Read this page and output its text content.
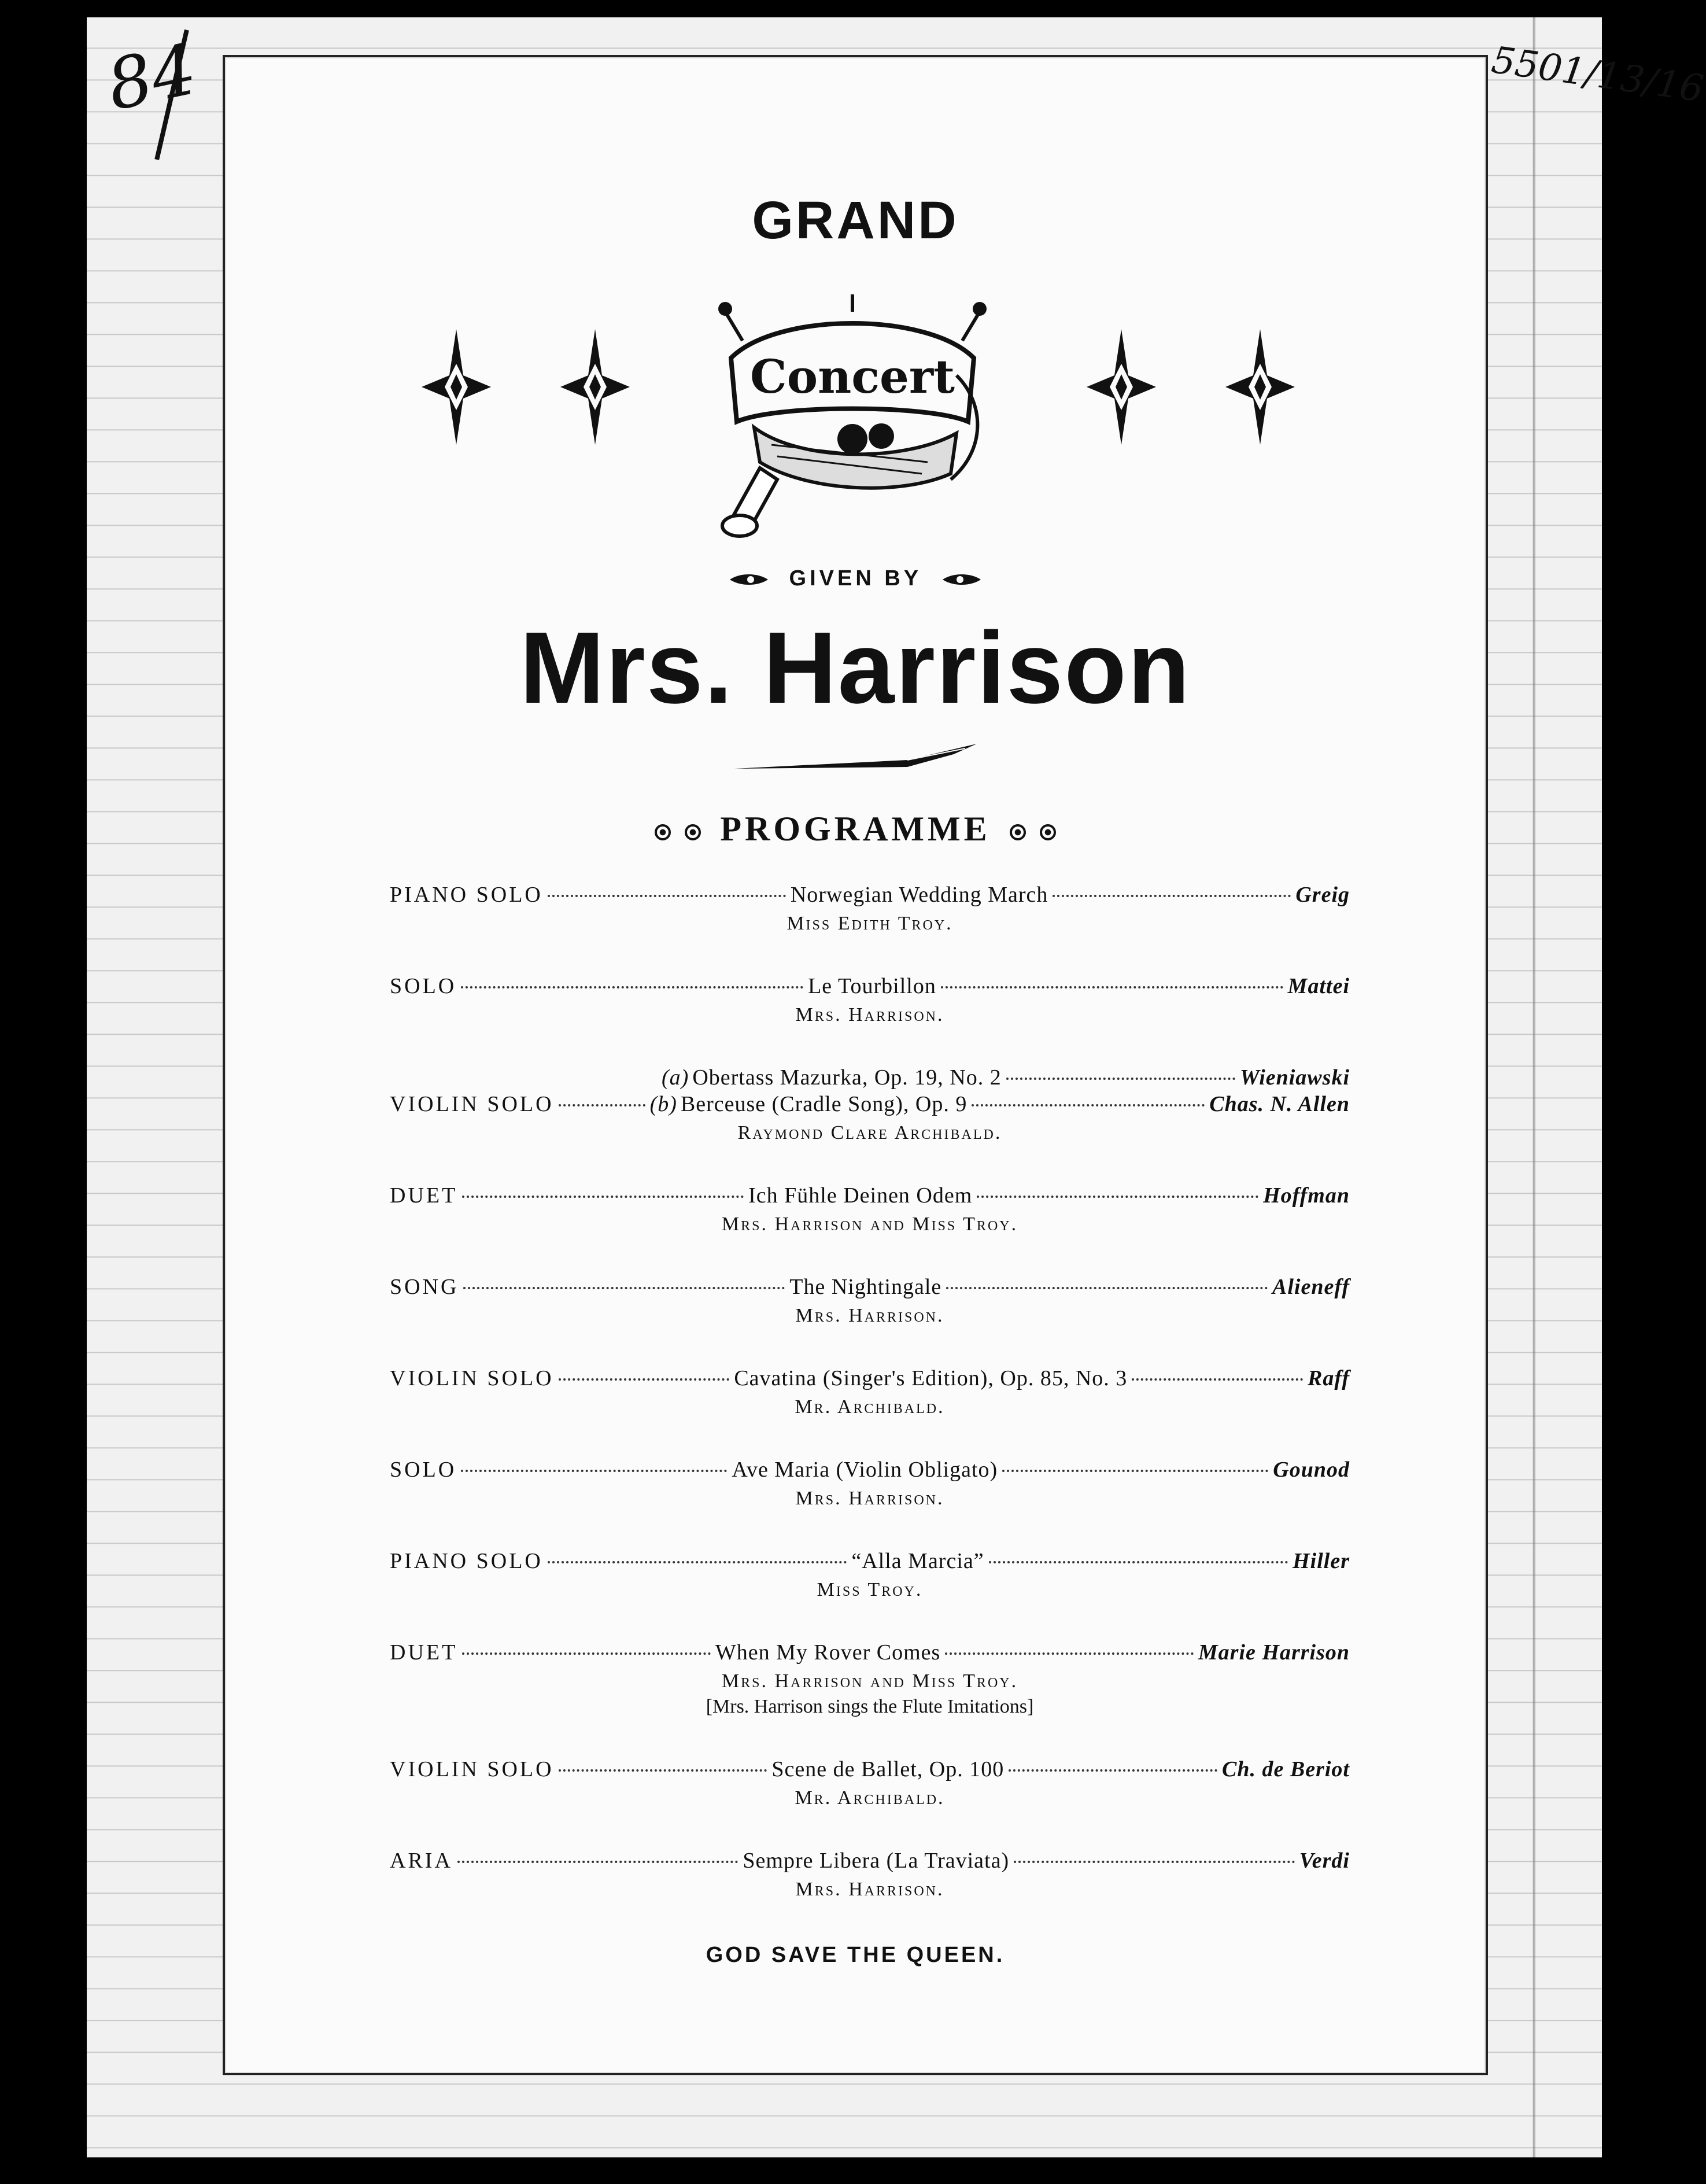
84	5501/13/16
GRAND
Concert
GIVEN BY
Mrs. Harrison
PROGRAMME
PIANO SOLO	Norwegian Wedding March	Greig
Miss Edith Troy.
SOLO	Le Tourbillon	Mattei
Mrs. Harrison.
(a) Obertass Mazurka, Op. 19, No. 2	Wieniawski
VIOLIN SOLO	(b) Berceuse (Cradle Song), Op. 9	Chas. N. Allen
Raymond Clare Archibald.
DUET	Ich Fühle Deinen Odem	Hoffman
Mrs. Harrison and Miss Troy.
SONG	The Nightingale	Alieneff
Mrs. Harrison.
VIOLIN SOLO	Cavatina (Singer's Edition), Op. 85, No. 3	Raff
Mr. Archibald.
SOLO	Ave Maria (Violin Obligato)	Gounod
Mrs. Harrison.
PIANO SOLO	“Alla Marcia”	Hiller
Miss Troy.
DUET	When My Rover Comes	Marie Harrison
Mrs. Harrison and Miss Troy.
[Mrs. Harrison sings the Flute Imitations]
VIOLIN SOLO	Scene de Ballet, Op. 100	Ch. de Beriot
Mr. Archibald.
ARIA	Sempre Libera (La Traviata)	Verdi
Mrs. Harrison.
GOD SAVE THE QUEEN.
